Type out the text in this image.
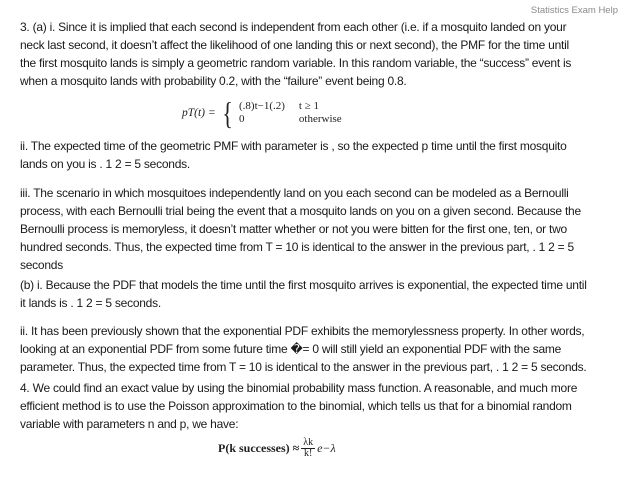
Statistics Exam Help
3. (a) i. Since it is implied that each second is independent from each other (i.e. if a mosquito landed on your
neck last second, it doesn’t affect the likelihood of one landing this or next second), the PMF for the time until
the first mosquito lands is simply a geometric random variable. In this random variable, the “success” event is
when a mosquito lands with probability 0.2, with the “failure” event being 0.8.
pT(t) = { (.8)t−1(.2) t ≥ 1
0	otherwise
ii. The expected time of the geometric PMF with parameter is , so the expected p time until the first mosquito
lands on you is . 1 2 = 5 seconds.
iii. The scenario in which mosquitoes independently land on you each second can be modeled as a Bernoulli
process, with each Bernoulli trial being the event that a mosquito lands on you on a given second. Because the
Bernoulli process is memoryless, it doesn’t matter whether or not you were bitten for the first one, ten, or two
hundred seconds. Thus, the expected time from T = 10 is identical to the answer in the previous part, . 1 2 = 5
seconds
(b) i. Because the PDF that models the time until the first mosquito arrives is exponential, the expected time until
it lands is . 1 2 = 5 seconds.
ii. It has been previously shown that the exponential PDF exhibits the memorylessness property. In other words,
looking at an exponential PDF from some future time �= 0 will still yield an exponential PDF with the same
parameter. Thus, the expected time from T = 10 is identical to the answer in the previous part, . 1 2 = 5 seconds.
4. We could find an exact value by using the binomial probability mass function. A reasonable, and much more
efficient method is to use the Poisson approximation to the binomial, which tells us that for a binomial random
variable with parameters n and p, we have:
P(k successes) ≈ $\frac{\lambda k}{k!} e-\lambda$
